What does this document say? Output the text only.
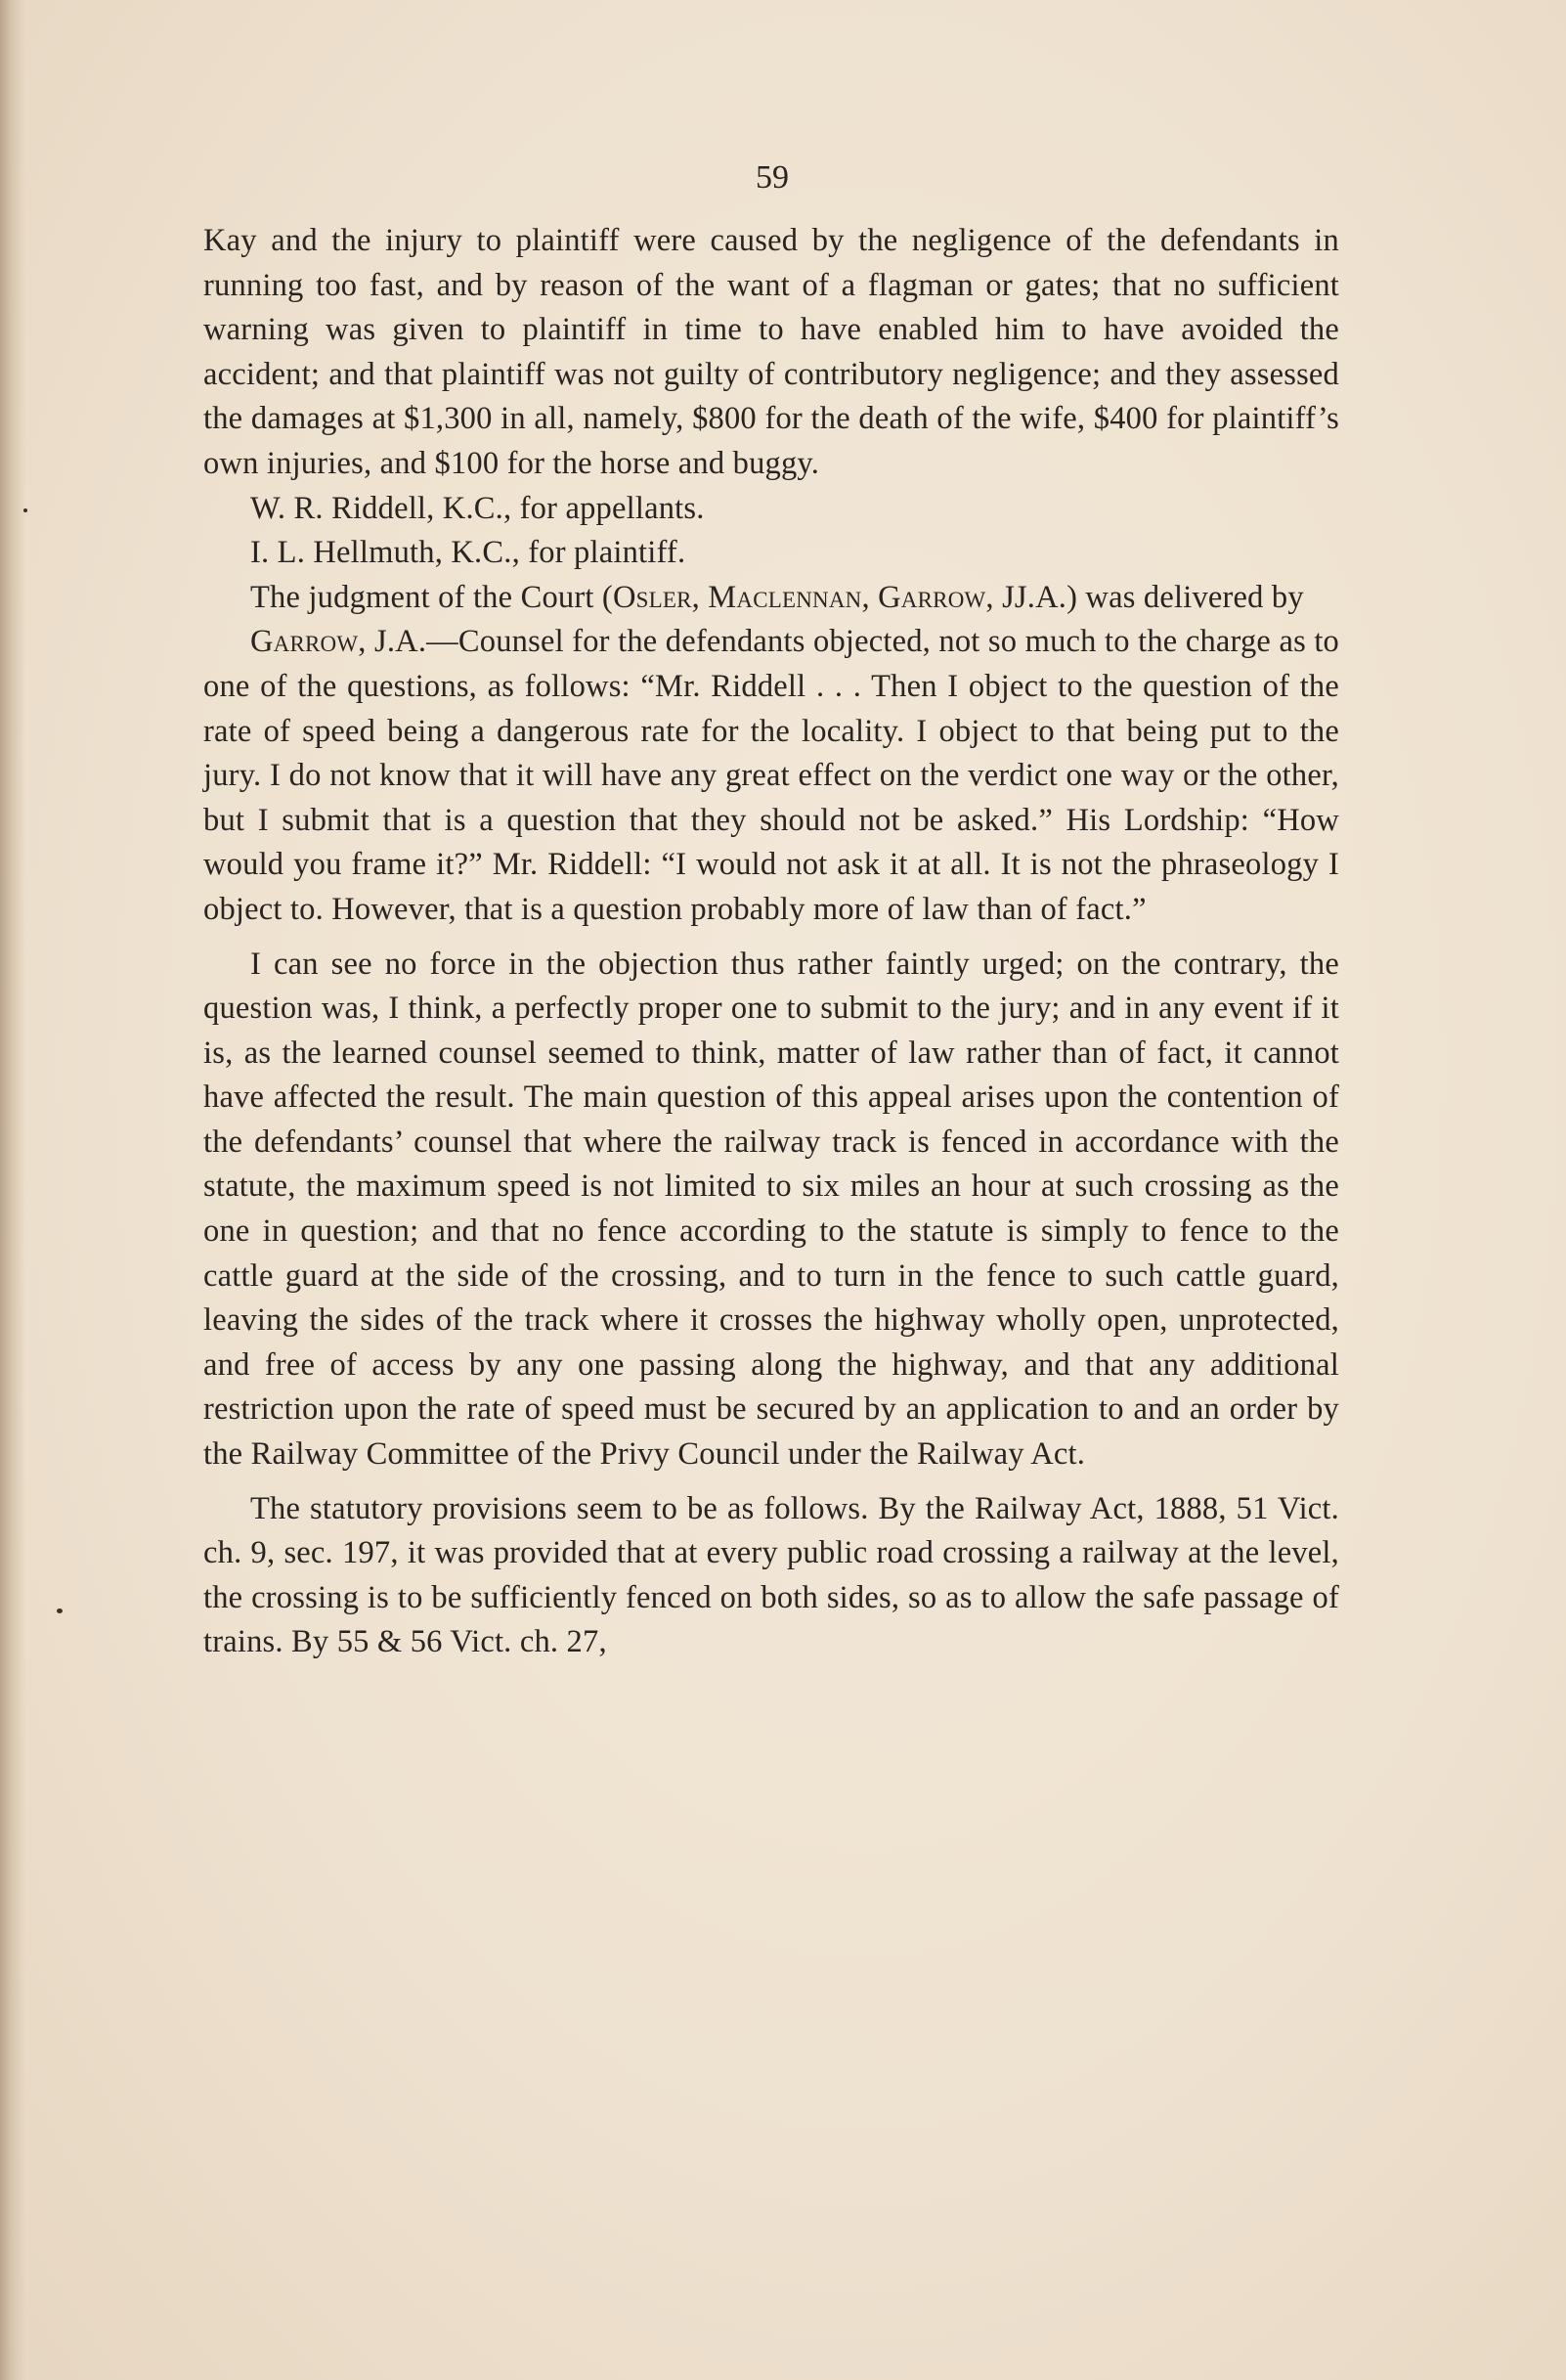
59

Kay and the injury to plaintiff were caused by the negligence of the defendants in running too fast, and by reason of the want of a flagman or gates; that no sufficient warning was given to plaintiff in time to have enabled him to have avoided the accident; and that plaintiff was not guilty of contributory negligence; and they assessed the damages at $1,300 in all, namely, $800 for the death of the wife, $400 for plaintiff’s own injuries, and $100 for the horse and buggy.

W. R. Riddell, K.C., for appellants.

I. L. Hellmuth, K.C., for plaintiff.

The judgment of the Court (Osler, Maclennan, Garrow, JJ.A.) was delivered by

Garrow, J.A.—Counsel for the defendants objected, not so much to the charge as to one of the questions, as follows: “Mr. Riddell . . . Then I object to the question of the rate of speed being a dangerous rate for the locality. I object to that being put to the jury. I do not know that it will have any great effect on the verdict one way or the other, but I submit that is a question that they should not be asked.” His Lordship: “How would you frame it?” Mr. Riddell: “I would not ask it at all. It is not the phraseology I object to. However, that is a question probably more of law than of fact.”

I can see no force in the objection thus rather faintly urged; on the contrary, the question was, I think, a perfectly proper one to submit to the jury; and in any event if it is, as the learned counsel seemed to think, matter of law rather than of fact, it cannot have affected the result. The main question of this appeal arises upon the contention of the defendants’ counsel that where the railway track is fenced in accordance with the statute, the maximum speed is not limited to six miles an hour at such crossing as the one in question; and that no fence according to the statute is simply to fence to the cattle guard at the side of the crossing, and to turn in the fence to such cattle guard, leaving the sides of the track where it crosses the highway wholly open, unprotected, and free of access by any one passing along the highway, and that any additional restriction upon the rate of speed must be secured by an application to and an order by the Railway Committee of the Privy Council under the Railway Act.

The statutory provisions seem to be as follows. By the Railway Act, 1888, 51 Vict. ch. 9, sec. 197, it was provided that at every public road crossing a railway at the level, the crossing is to be sufficiently fenced on both sides, so as to allow the safe passage of trains. By 55 & 56 Vict. ch. 27,
